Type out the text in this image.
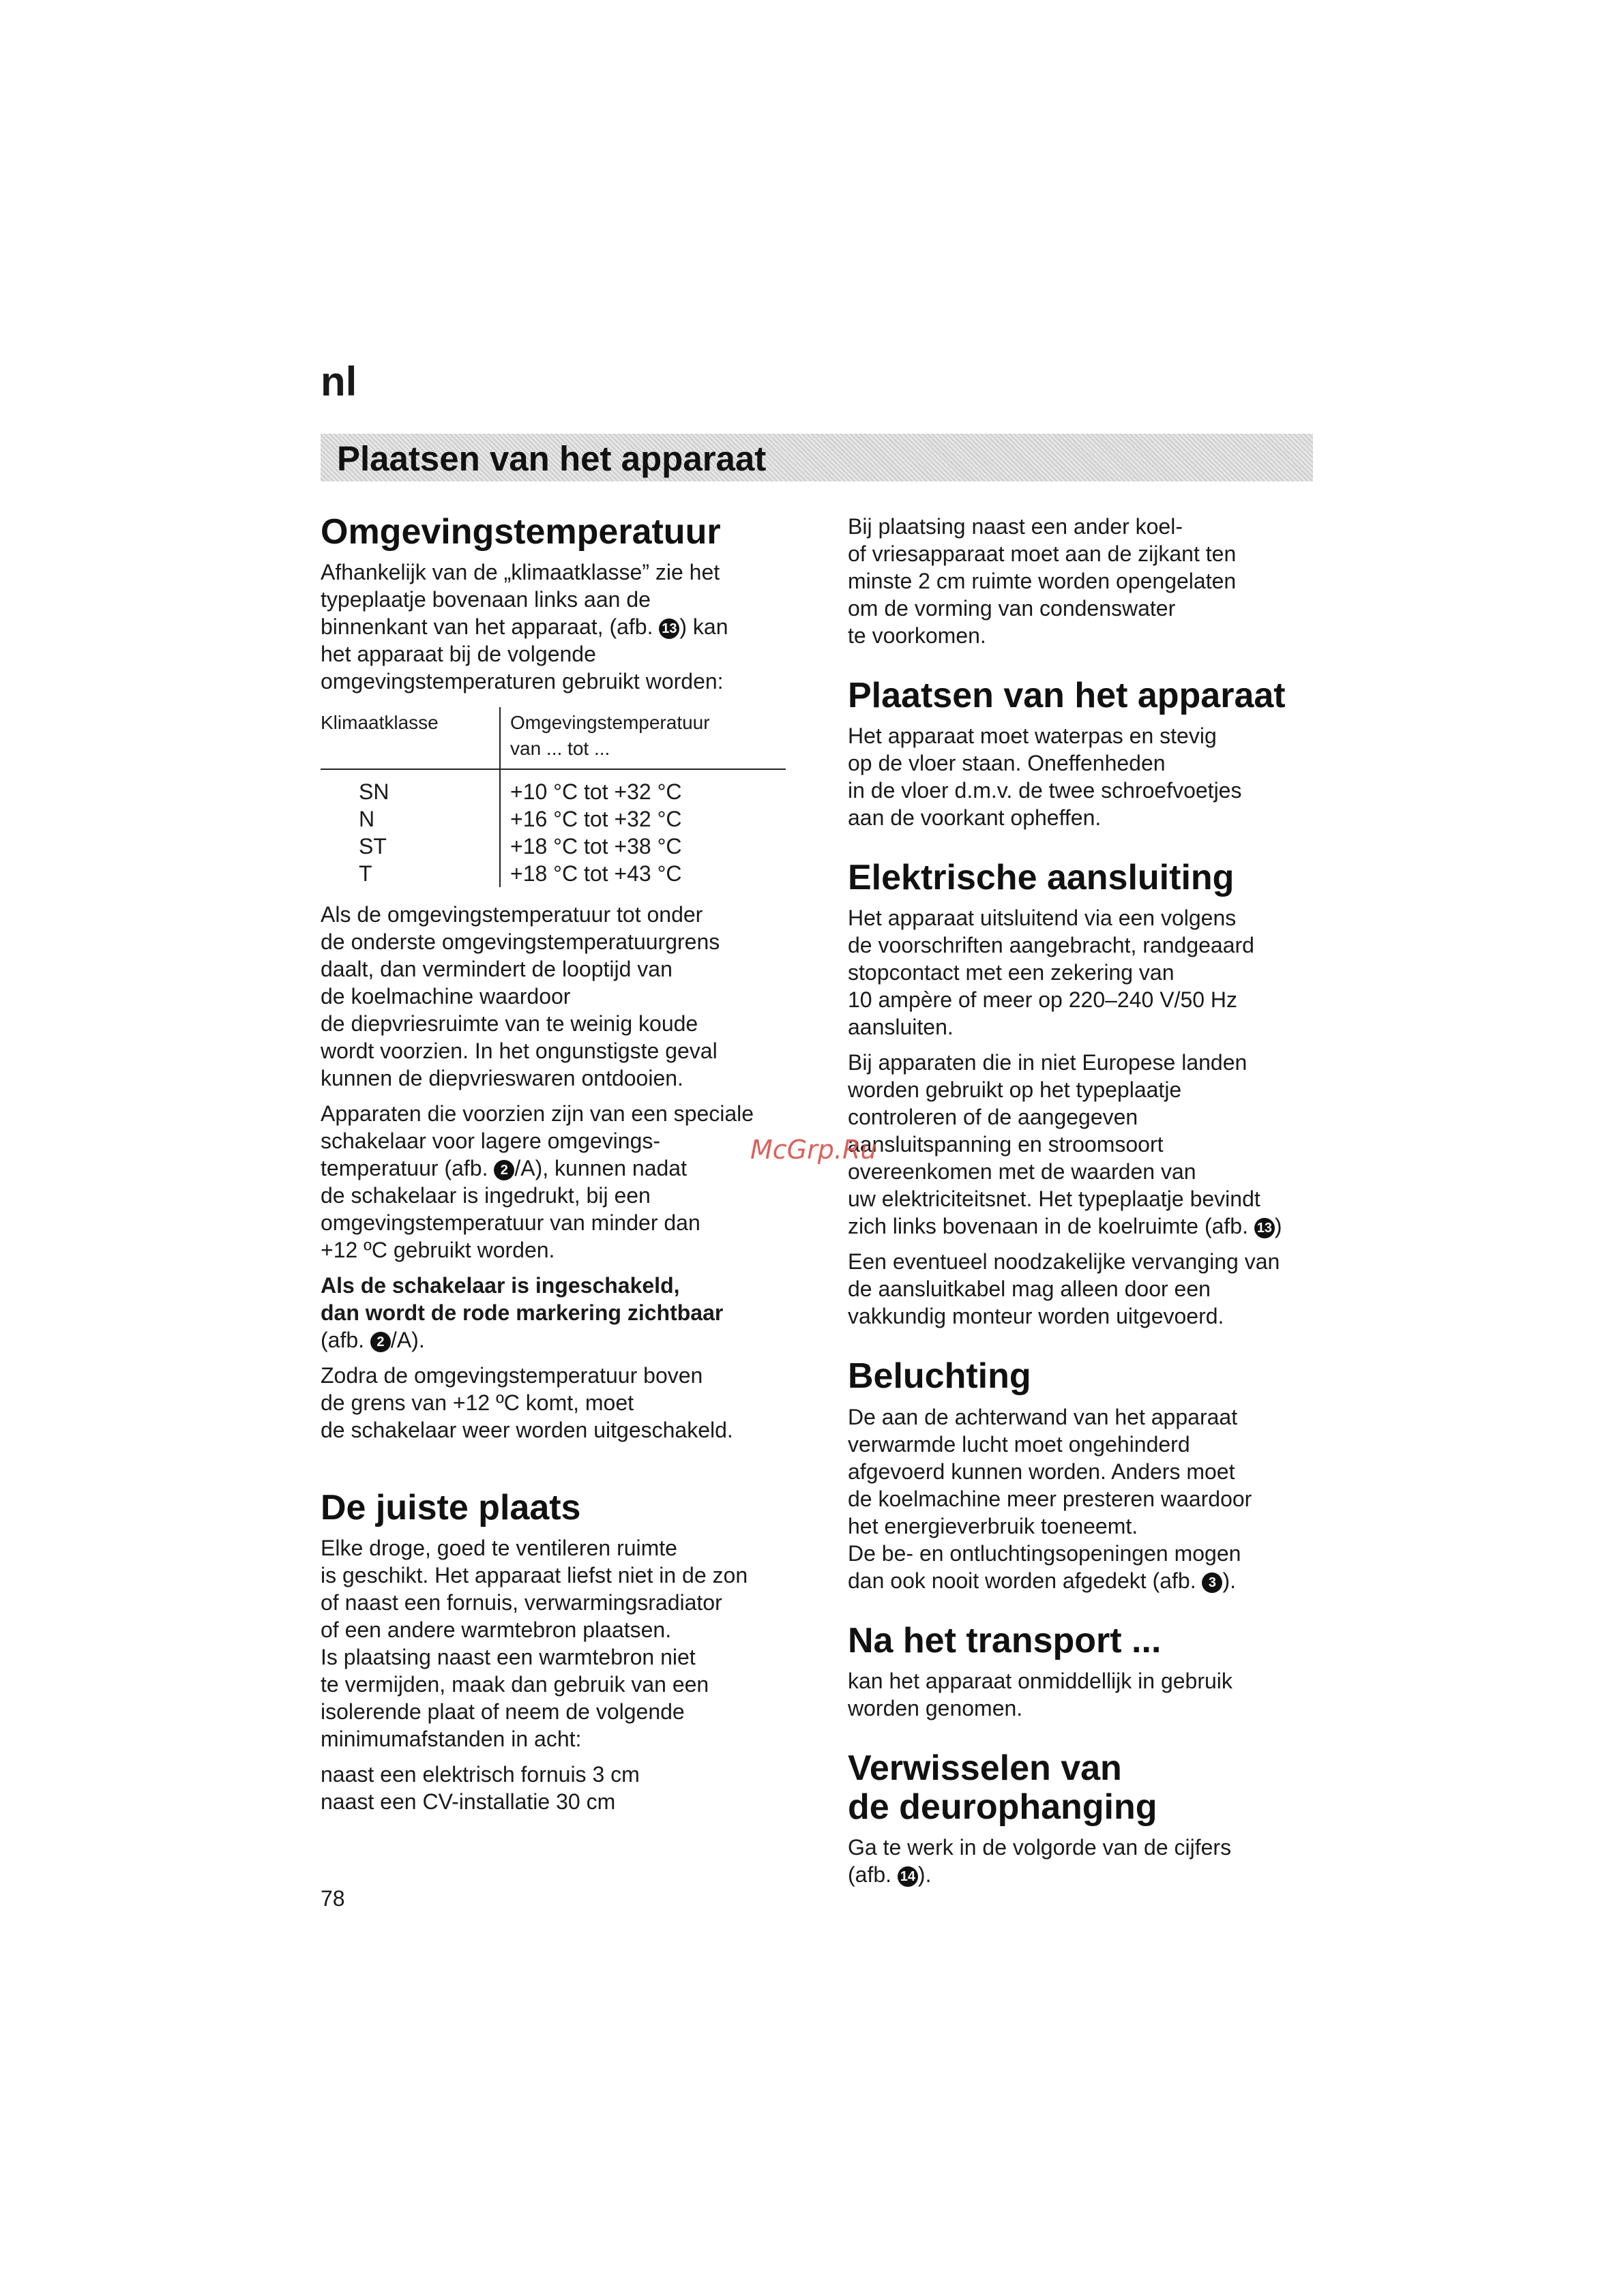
nl
Plaatsen van het apparaat
Omgevingstemperatuur

Afhankelijk van de „klimaatklasse” zie het
typeplaatje bovenaan links aan de
binnenkant van het apparaat, (afb. 13 ) kan
het apparaat bij de volgende
omgevingstemperaturen gebruikt worden:

Klimaatklasse	Omgevingstemperatuur
van ... tot ...
SN	+10 °C tot +32 °C
N	+16 °C tot +32 °C
ST	+18 °C tot +38 °C
T	+18 °C tot +43 °C

Als de omgevingstemperatuur tot onder
de onderste omgevingstemperatuurgrens
daalt, dan vermindert de looptijd van
de koelmachine waardoor
de diepvriesruimte van te weinig koude
wordt voorzien. In het ongunstigste geval
kunnen de diepvrieswaren ontdooien.

Apparaten die voorzien zijn van een speciale
schakelaar voor lagere omgevings-
temperatuur (afb. 2 /A), kunnen nadat
de schakelaar is ingedrukt, bij een
omgevingstemperatuur van minder dan
+12 ºC gebruikt worden.

Als de schakelaar is ingeschakeld,
dan wordt de rode markering zichtbaar

(afb. 2 /A).

Zodra de omgevingstemperatuur boven
de grens van +12 ºC komt, moet
de schakelaar weer worden uitgeschakeld.

De juiste plaats

Elke droge, goed te ventileren ruimte
is geschikt. Het apparaat liefst niet in de zon
of naast een fornuis, verwarmingsradiator
of een andere warmtebron plaatsen.
Is plaatsing naast een warmtebron niet
te vermijden, maak dan gebruik van een
isolerende plaat of neem de volgende
minimumafstanden in acht:

naast een elektrisch fornuis 3 cm
naast een CV-installatie 30 cm

Bij plaatsing naast een ander koel-
of vriesapparaat moet aan de zijkant ten
minste 2 cm ruimte worden opengelaten
om de vorming van condenswater
te voorkomen.

Plaatsen van het apparaat

Het apparaat moet waterpas en stevig
op de vloer staan. Oneffenheden
in de vloer d.m.v. de twee schroefvoetjes
aan de voorkant opheffen.

Elektrische aansluiting

Het apparaat uitsluitend via een volgens
de voorschriften aangebracht, randgeaard
stopcontact met een zekering van
10 ampère of meer op 220–240 V/50 Hz
aansluiten.

Bij apparaten die in niet Europese landen
worden gebruikt op het typeplaatje
controleren of de aangegeven
aansluitspanning en stroomsoort
overeenkomen met de waarden van
uw elektriciteitsnet. Het typeplaatje bevindt
zich links bovenaan in de koelruimte (afb. 13 )

Een eventueel noodzakelijke vervanging van
de aansluitkabel mag alleen door een
vakkundig monteur worden uitgevoerd.

Beluchting

De aan de achterwand van het apparaat
verwarmde lucht moet ongehinderd
afgevoerd kunnen worden. Anders moet
de koelmachine meer presteren waardoor
het energieverbruik toeneemt.
De be- en ontluchtingsopeningen mogen
dan ook nooit worden afgedekt (afb. 3 ).

Na het transport ...

kan het apparaat onmiddellijk in gebruik
worden genomen.

Verwisselen van
de deurophanging

Ga te werk in de volgorde van de cijfers
(afb. 14 ).

McGrp.Ru
78
